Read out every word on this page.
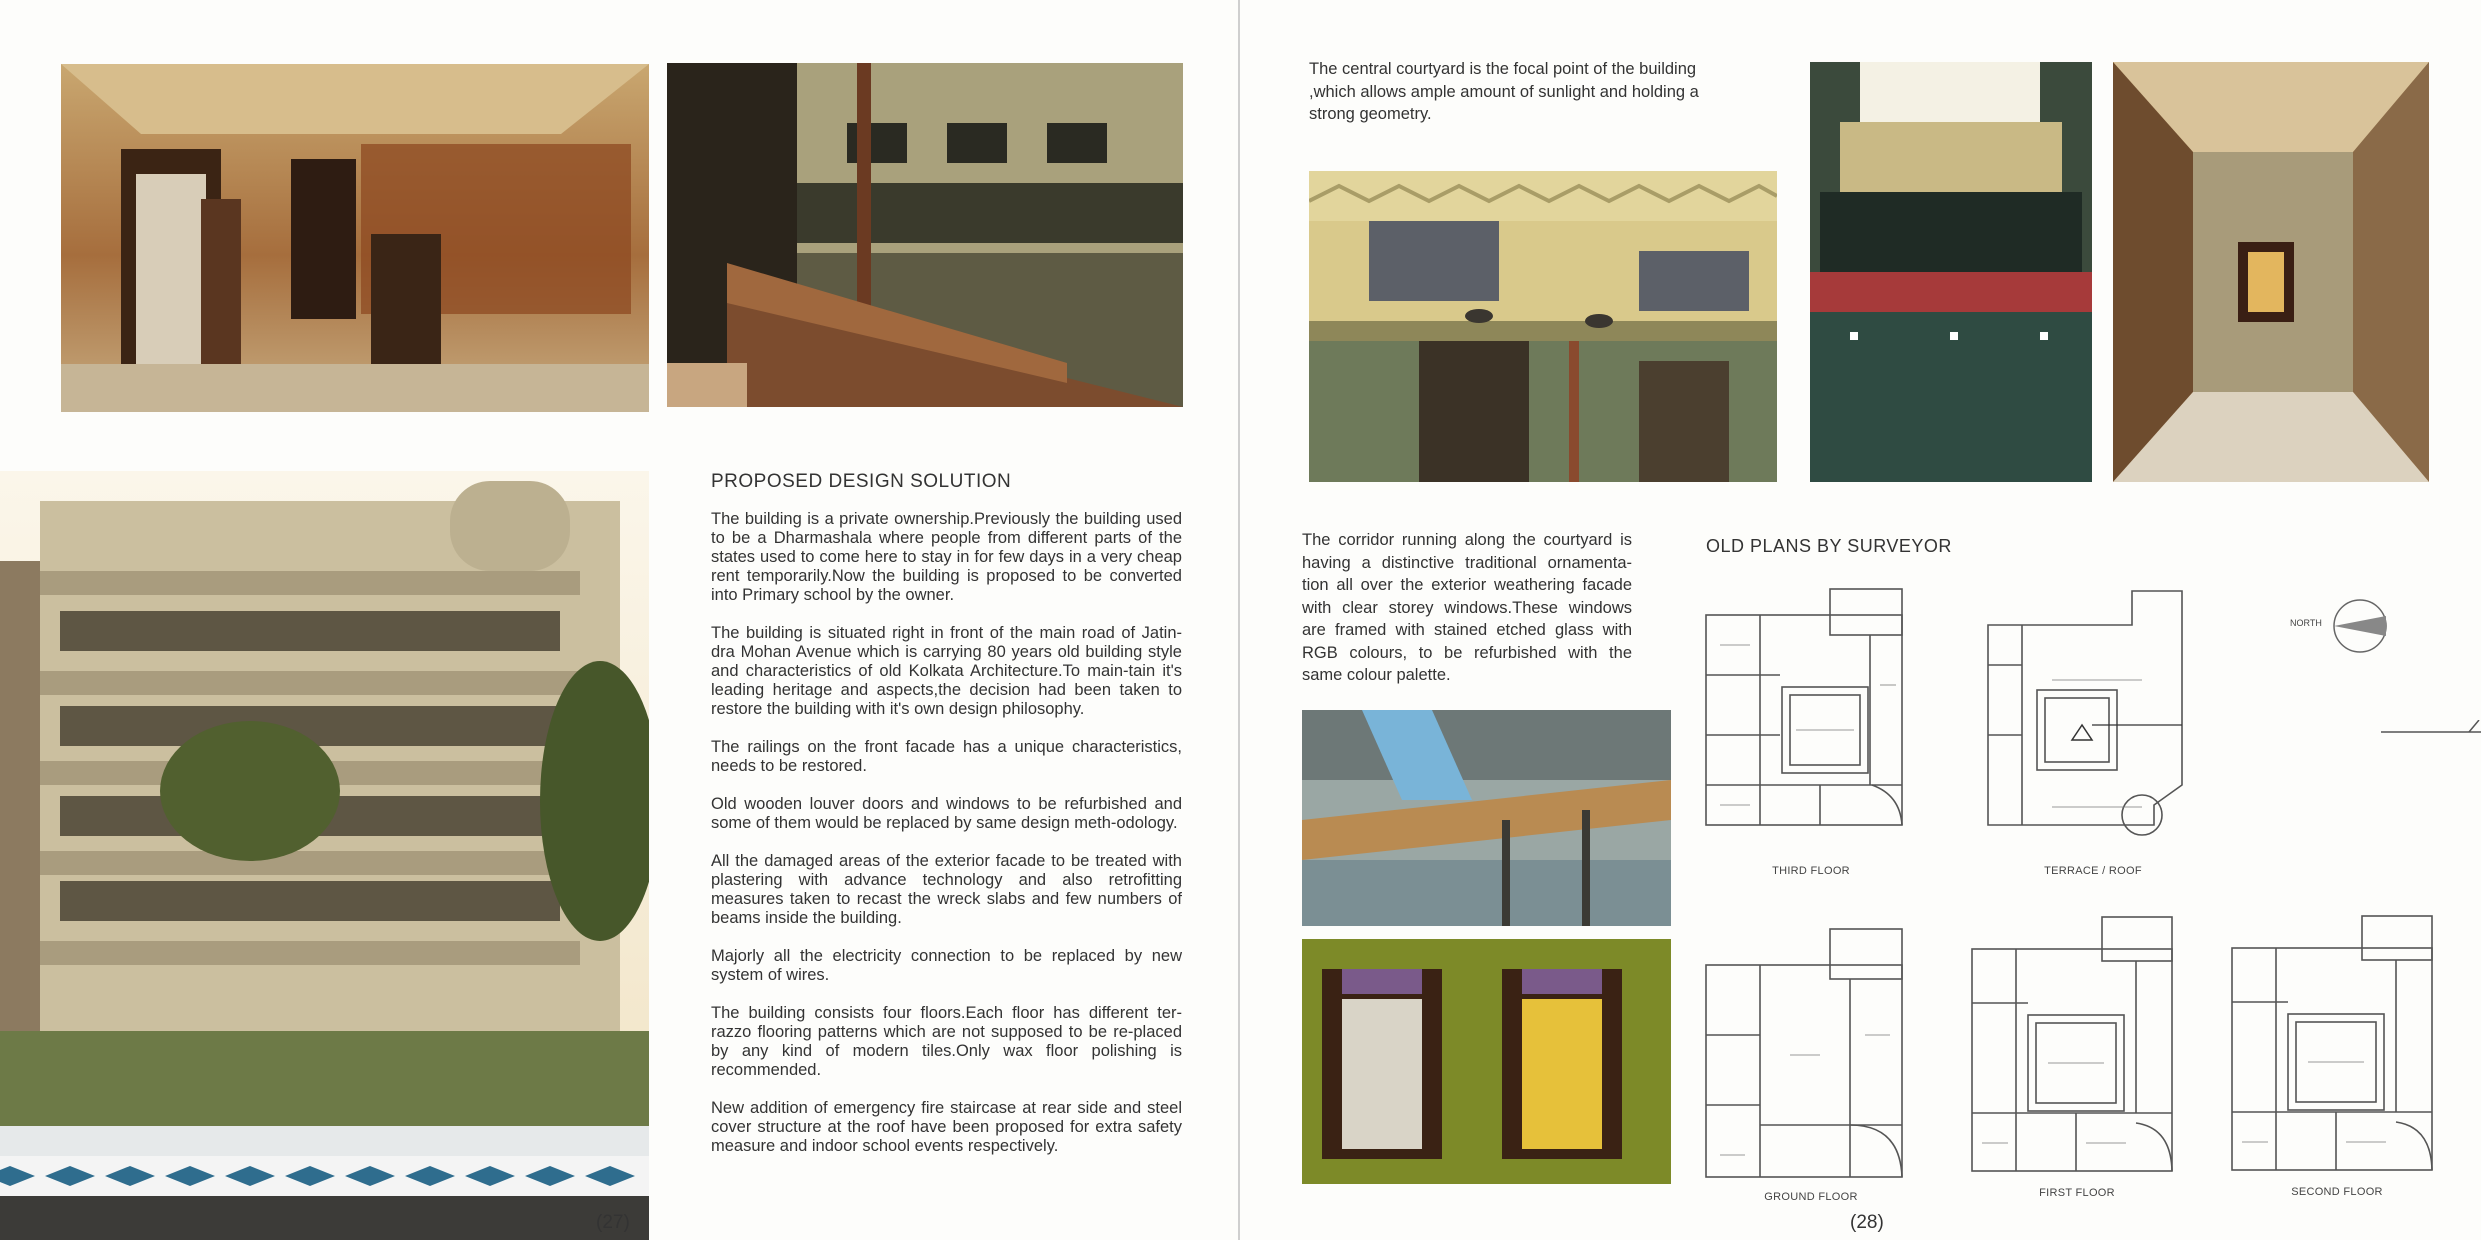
(27)
PROPOSED DESIGN SOLUTION

The building is a private ownership.Previously the building used to be a Dharmashala where people from different parts of the states used to come here to stay in for few days in a very cheap rent temporarily.Now the building is proposed to be converted into Primary school by the owner.

The building is situated right in front of the main road of Jatin-dra Mohan Avenue which is carrying 80 years old building style and characteristics of old Kolkata Architecture.To main-tain it's leading heritage and aspects,the decision had been taken to restore the building with it's own design philosophy.

The railings on the front facade has a unique characteristics, needs to be restored.

Old wooden louver doors and windows to be refurbished and some of them would be replaced by same design meth-odology.

All the damaged areas of the exterior facade to be treated with plastering with advance technology and also retrofitting measures taken to recast the wreck slabs and few numbers of beams inside the building.

Majorly all the electricity connection to be replaced by new system of wires.

The building consists four floors.Each floor has different ter-razzo flooring patterns which are not supposed to be re-placed by any kind of modern tiles.Only wax floor polishing is recommended.

New addition of emergency fire staircase at rear side and steel cover structure at the roof have been proposed for extra safety measure and indoor school events respectively.

The central courtyard is the focal point of the building ,which allows ample amount of sunlight and holding a strong geometry.
The corridor running along the courtyard is having a distinctive traditional ornamenta-tion all over the exterior weathering facade with clear storey windows.These windows are framed with stained etched glass with RGB colours, to be refurbished with the same colour palette.
OLD PLANS BY SURVEYOR
NORTH
THIRD FLOOR	TERRACE / ROOF
GROUND FLOOR	FIRST FLOOR	SECOND FLOOR
(28)
